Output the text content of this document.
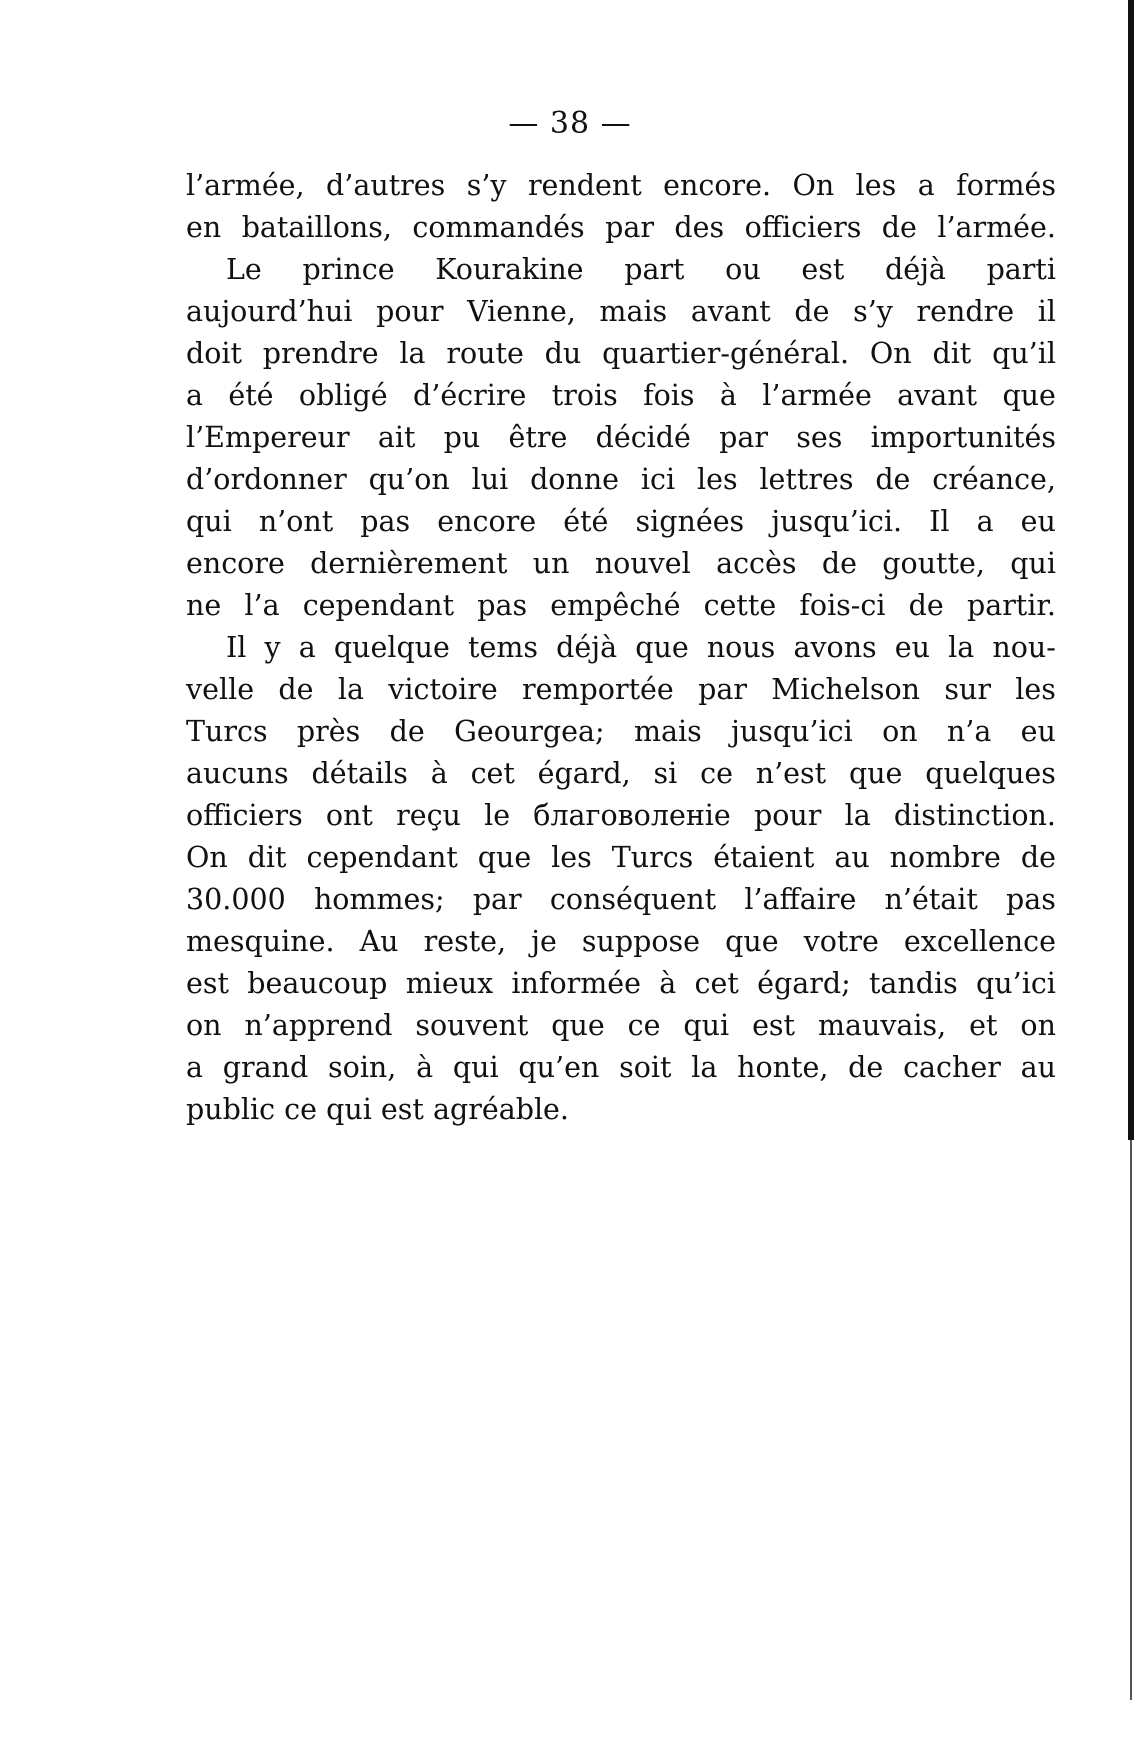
— 38 —
l’armée, d’autres s’y rendent encore. On les a formés
en bataillons, commandés par des officiers de l’armée.
Le prince Kourakine part ou est déjà parti
aujourd’hui pour Vienne, mais avant de s’y rendre il
doit prendre la route du quartier-général. On dit qu’il
a été obligé d’écrire trois fois à l’armée avant que
l’Empereur ait pu être décidé par ses importunités
d’ordonner qu’on lui donne ici les lettres de créance,
qui n’ont pas encore été signées jusqu’ici. Il a eu
encore dernièrement un nouvel accès de goutte, qui
ne l’a cependant pas empêché cette fois-ci de partir.
Il y a quelque tems déjà que nous avons eu la nou-
velle de la victoire remportée par Michelson sur les
Turcs près de Geourgea; mais jusqu’ici on n’a eu
aucuns détails à cet égard, si ce n’est que quelques
officiers ont reçu le благоволеніе pour la distinction.
On dit cependant que les Turcs étaient au nombre de
30.000 hommes; par conséquent l’affaire n’était pas
mesquine. Au reste, je suppose que votre excellence
est beaucoup mieux informée à cet égard; tandis qu’ici
on n’apprend souvent que ce qui est mauvais, et on
a grand soin, à qui qu’en soit la honte, de cacher au
public ce qui est agréable.
